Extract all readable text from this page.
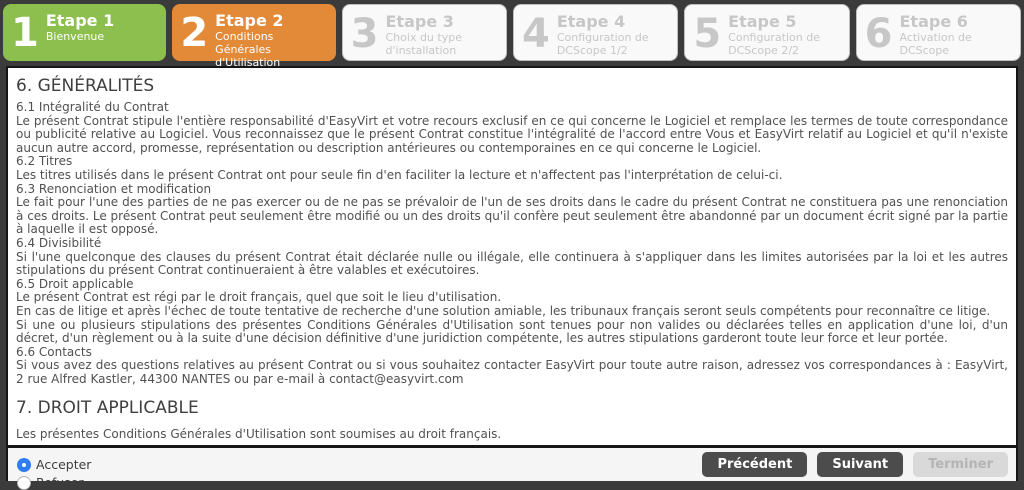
1 Etape 1
Bienvenue 2 Etape 2
Conditions Générales d'Utilisation
3 Etape 3
Choix du type d'installation	4 Etape 4
Configuration de DCScope 1/2	5 Etape 5
Configuration de DCScope 2/2	6 Etape 6
Activation de DCScope
6. GÉNÉRALITÉS

6.1 Intégralité du Contrat

Le présent Contrat stipule l'entière responsabilité d'EasyVirt et votre recours exclusif en ce qui concerne le Logiciel et remplace les termes de toute correspondance ou publicité relative au Logiciel. Vous reconnaissez que le présent Contrat constitue l'intégralité de l'accord entre Vous et EasyVirt relatif au Logiciel et qu'il n'existe aucun autre accord, promesse, représentation ou description antérieures ou contemporaines en ce qui concerne le Logiciel.

6.2 Titres

Les titres utilisés dans le présent Contrat ont pour seule fin d'en faciliter la lecture et n'affectent pas l'interprétation de celui-ci.

6.3 Renonciation et modification

Le fait pour l'une des parties de ne pas exercer ou de ne pas se prévaloir de l'un de ses droits dans le cadre du présent Contrat ne constituera pas une renonciation à ces droits. Le présent Contrat peut seulement être modifié ou un des droits qu'il confère peut seulement être abandonné par un document écrit signé par la partie à laquelle il est opposé.

6.4 Divisibilité

Si l'une quelconque des clauses du présent Contrat était déclarée nulle ou illégale, elle continuera à s'appliquer dans les limites autorisées par la loi et les autres stipulations du présent Contrat continueraient à être valables et exécutoires.

6.5 Droit applicable

Le présent Contrat est régi par le droit français, quel que soit le lieu d'utilisation.

En cas de litige et après l'échec de toute tentative de recherche d'une solution amiable, les tribunaux français seront seuls compétents pour reconnaître ce litige.

Si une ou plusieurs stipulations des présentes Conditions Générales d'Utilisation sont tenues pour non valides ou déclarées telles en application d'une loi, d'un décret, d'un règlement ou à la suite d'une décision définitive d'une juridiction compétente, les autres stipulations garderont toute leur force et leur portée.

6.6 Contacts

Si vous avez des questions relatives au présent Contrat ou si vous souhaitez contacter EasyVirt pour toute autre raison, adressez vos correspondances à : EasyVirt, 2 rue Alfred Kastler, 44300 NANTES ou par e-mail à contact@easyvirt.com

7. DROIT APPLICABLE
Les présentes Conditions Générales d'Utilisation sont soumises au droit français.
Accepter
Refuser
Précédent	Suivant	Terminer
